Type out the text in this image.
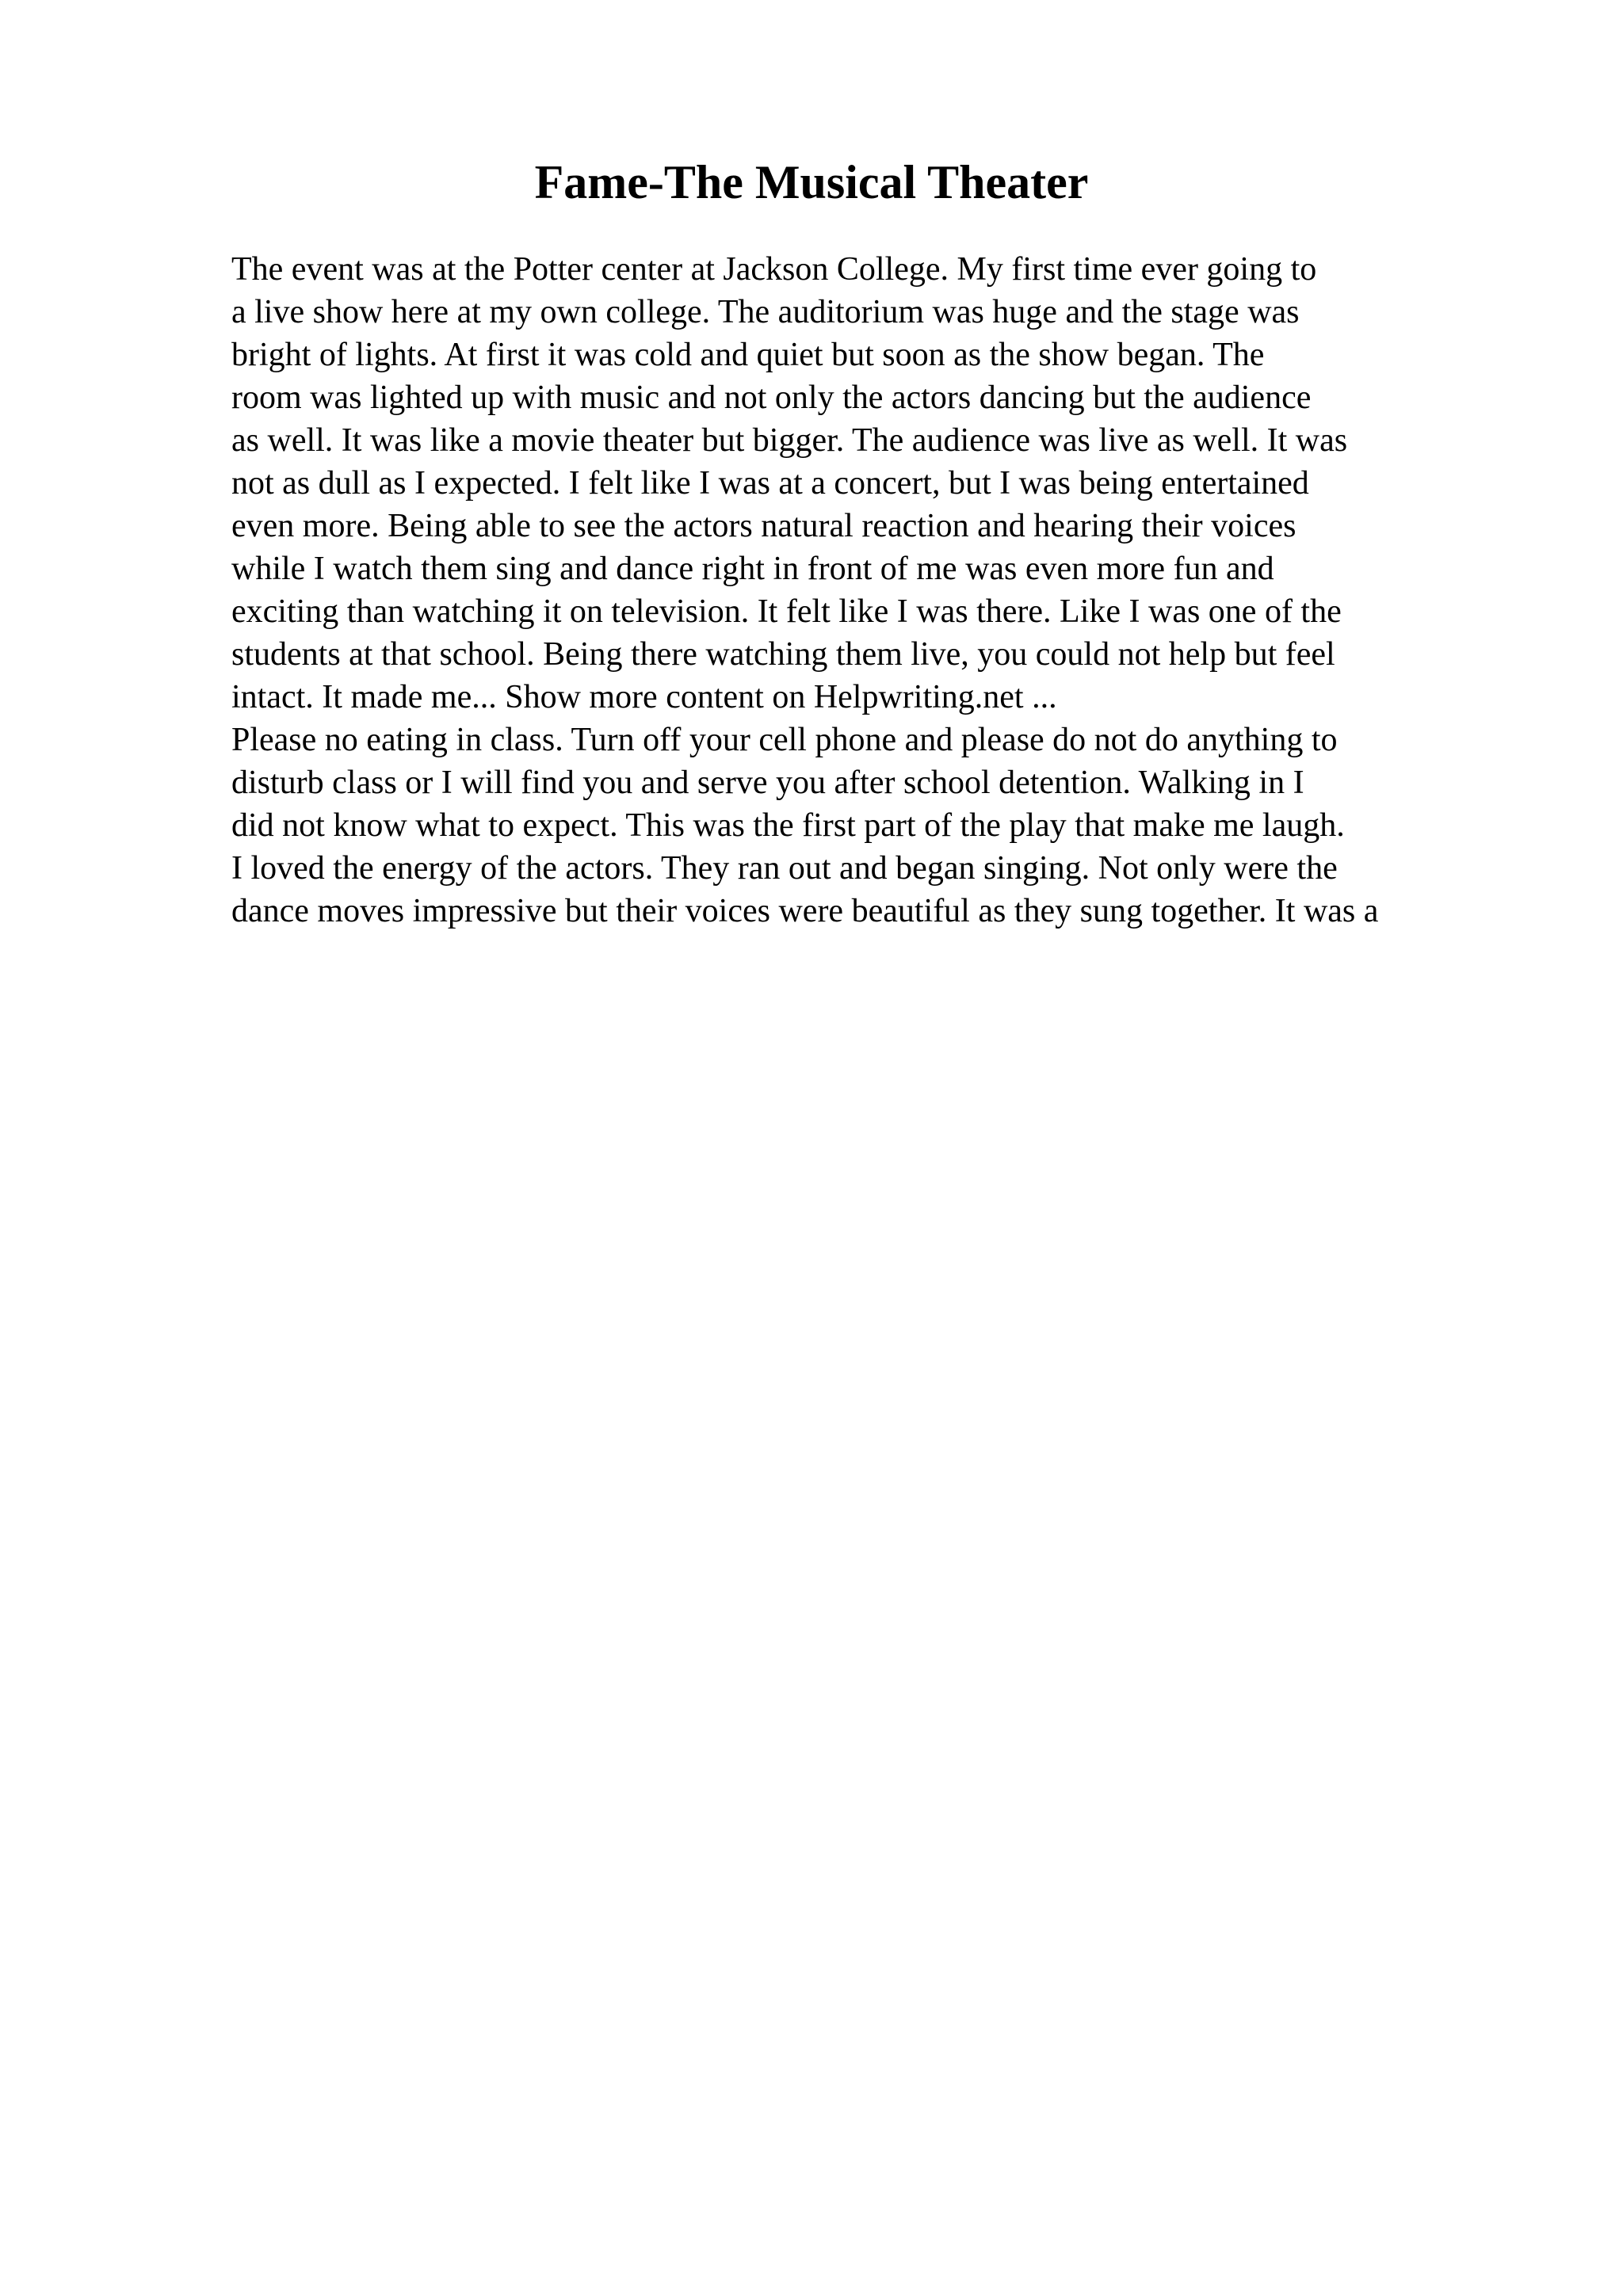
Fame-The Musical Theater
The event was at the Potter center at Jackson College. My first time ever going to
a live show here at my own college. The auditorium was huge and the stage was
bright of lights. At first it was cold and quiet but soon as the show began. The
room was lighted up with music and not only the actors dancing but the audience
as well. It was like a movie theater but bigger. The audience was live as well. It was
not as dull as I expected. I felt like I was at a concert, but I was being entertained
even more. Being able to see the actors natural reaction and hearing their voices
while I watch them sing and dance right in front of me was even more fun and
exciting than watching it on television. It felt like I was there. Like I was one of the
students at that school. Being there watching them live, you could not help but feel
intact. It made me... Show more content on Helpwriting.net ...
Please no eating in class. Turn off your cell phone and please do not do anything to
disturb class or I will find you and serve you after school detention. Walking in I
did not know what to expect. This was the first part of the play that make me laugh.
I loved the energy of the actors. They ran out and began singing. Not only were the
dance moves impressive but their voices were beautiful as they sung together. It was a
